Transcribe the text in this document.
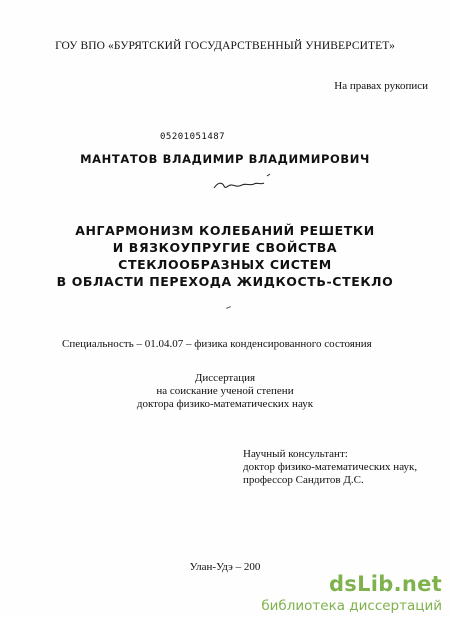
ГОУ ВПО «БУРЯТСКИЙ ГОСУДАРСТВЕННЫЙ УНИВЕРСИТЕТ»
На правах рукописи
05201051487
МАНТАТОВ ВЛАДИМИР ВЛАДИМИРОВИЧ
АНГАРМОНИЗМ КОЛЕБАНИЙ РЕШЕТКИ
И ВЯЗКОУПРУГИЕ СВОЙСТВА
СТЕКЛООБРАЗНЫХ СИСТЕМ
В ОБЛАСТИ ПЕРЕХОДА ЖИДКОСТЬ-СТЕКЛО
Специальность – 01.04.07 – физика конденсированного состояния
Диссертация
на соискание ученой степени
доктора физико-математических наук
Научный консультант:
доктор физико-математических наук,
профессор Сандитов Д.С.
Улан-Удэ – 200
dsLib.net
библиотека диссертаций
